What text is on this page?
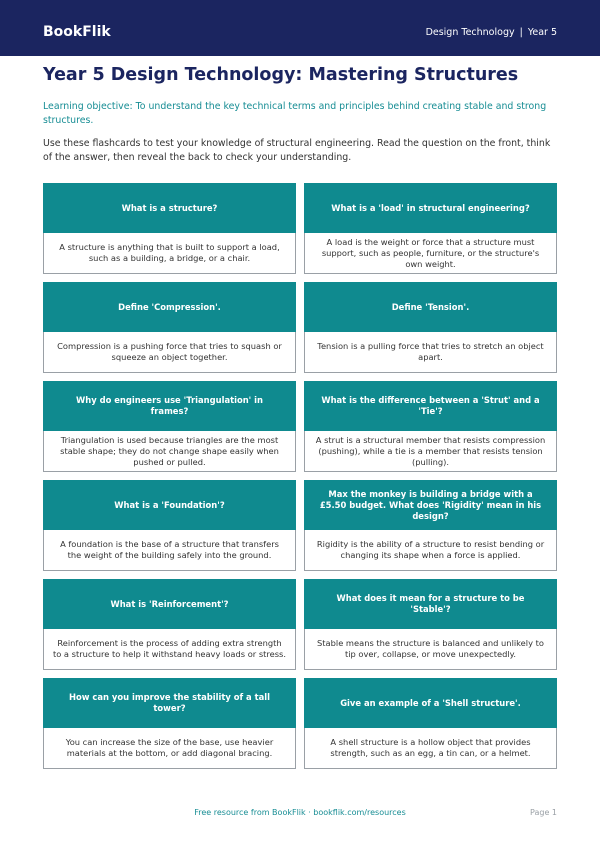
BookFlik	Design Technology | Year 5
Year 5 Design Technology: Mastering Structures

Learning objective: To understand the key technical terms and principles behind creating stable and strong structures.

Use these flashcards to test your knowledge of structural engineering. Read the question on the front, think of the answer, then reveal the back to check your understanding.

What is a structure?
A structure is anything that is built to support a load, such as a building, a bridge, or a chair.
What is a 'load' in structural engineering?
A load is the weight or force that a structure must support, such as people, furniture, or the structure's own weight.
Define 'Compression'.
Compression is a pushing force that tries to squash or squeeze an object together.
Define 'Tension'.
Tension is a pulling force that tries to stretch an object apart.
Why do engineers use 'Triangulation' in frames?
Triangulation is used because triangles are the most stable shape; they do not change shape easily when pushed or pulled.
What is the difference between a 'Strut' and a 'Tie'?
A strut is a structural member that resists compression (pushing), while a tie is a member that resists tension (pulling).
What is a 'Foundation'?
A foundation is the base of a structure that transfers the weight of the building safely into the ground.
Max the monkey is building a bridge with a £5.50 budget. What does 'Rigidity' mean in his design?
Rigidity is the ability of a structure to resist bending or changing its shape when a force is applied.
What is 'Reinforcement'?
Reinforcement is the process of adding extra strength to a structure to help it withstand heavy loads or stress.
What does it mean for a structure to be 'Stable'?
Stable means the structure is balanced and unlikely to tip over, collapse, or move unexpectedly.
How can you improve the stability of a tall tower?
You can increase the size of the base, use heavier materials at the bottom, or add diagonal bracing.
Give an example of a 'Shell structure'.
A shell structure is a hollow object that provides strength, such as an egg, a tin can, or a helmet.
Free resource from BookFlik · bookflik.com/resources	Page 1
